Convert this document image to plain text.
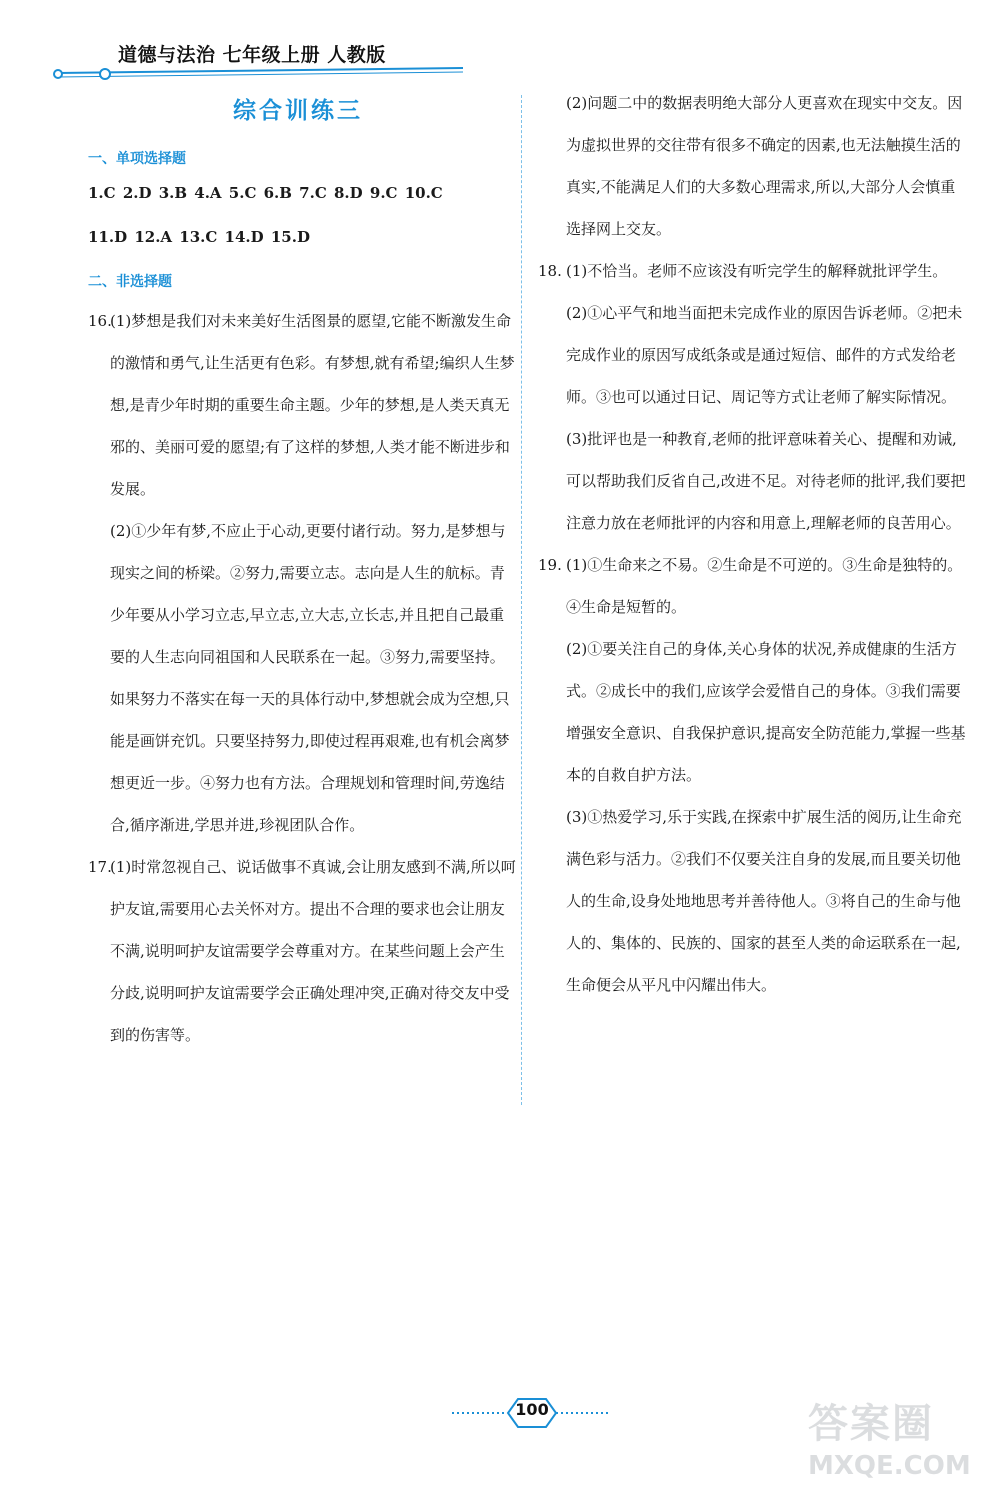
道德与法治 七年级上册 人教版
综合训练三
一、单项选择题
1.C 2.D 3.B 4.A 5.C 6.B 7.C 8.D 9.C 10.C
11.D 12.A 13.C 14.D 15.D
二、非选择题
16.
(1)梦想是我们对未来美好生活图景的愿望,它能不断激发生命的激情和勇气,让生活更有色彩。有梦想,就有希望;编织人生梦想,是青少年时期的重要生命主题。少年的梦想,是人类天真无邪的、美丽可爱的愿望;有了这样的梦想,人类才能不断进步和发展。
(2)①少年有梦,不应止于心动,更要付诸行动。努力,是梦想与现实之间的桥梁。②努力,需要立志。志向是人生的航标。青少年要从小学习立志,早立志,立大志,立长志,并且把自己最重要的人生志向同祖国和人民联系在一起。③努力,需要坚持。如果努力不落实在每一天的具体行动中,梦想就会成为空想,只能是画饼充饥。只要坚持努力,即使过程再艰难,也有机会离梦想更近一步。④努力也有方法。合理规划和管理时间,劳逸结合,循序渐进,学思并进,珍视团队合作。
17.
(1)时常忽视自己、说话做事不真诚,会让朋友感到不满,所以呵护友谊,需要用心去关怀对方。提出不合理的要求也会让朋友不满,说明呵护友谊需要学会尊重对方。在某些问题上会产生分歧,说明呵护友谊需要学会正确处理冲突,正确对待交友中受到的伤害等。
(2)问题二中的数据表明绝大部分人更喜欢在现实中交友。因为虚拟世界的交往带有很多不确定的因素,也无法触摸生活的真实,不能满足人们的大多数心理需求,所以,大部分人会慎重选择网上交友。
18. (1)不恰当。老师不应该没有听完学生的解释就批评学生。
(2)①心平气和地当面把未完成作业的原因告诉老师。②把未完成作业的原因写成纸条或是通过短信、邮件的方式发给老师。③也可以通过日记、周记等方式让老师了解实际情况。
(3)批评也是一种教育,老师的批评意味着关心、提醒和劝诫,可以帮助我们反省自己,改进不足。对待老师的批评,我们要把注意力放在老师批评的内容和用意上,理解老师的良苦用心。
19. (1)①生命来之不易。②生命是不可逆的。③生命是独特的。④生命是短暂的。
(2)①要关注自己的身体,关心身体的状况,养成健康的生活方式。②成长中的我们,应该学会爱惜自己的身体。③我们需要增强安全意识、自我保护意识,提高安全防范能力,掌握一些基本的自救自护方法。
(3)①热爱学习,乐于实践,在探索中扩展生活的阅历,让生命充满色彩与活力。②我们不仅要关注自身的发展,而且要关切他人的生命,设身处地地思考并善待他人。③将自己的生命与他人的、集体的、民族的、国家的甚至人类的命运联系在一起,生命便会从平凡中闪耀出伟大。
100	答案圈
MXQE.COM
